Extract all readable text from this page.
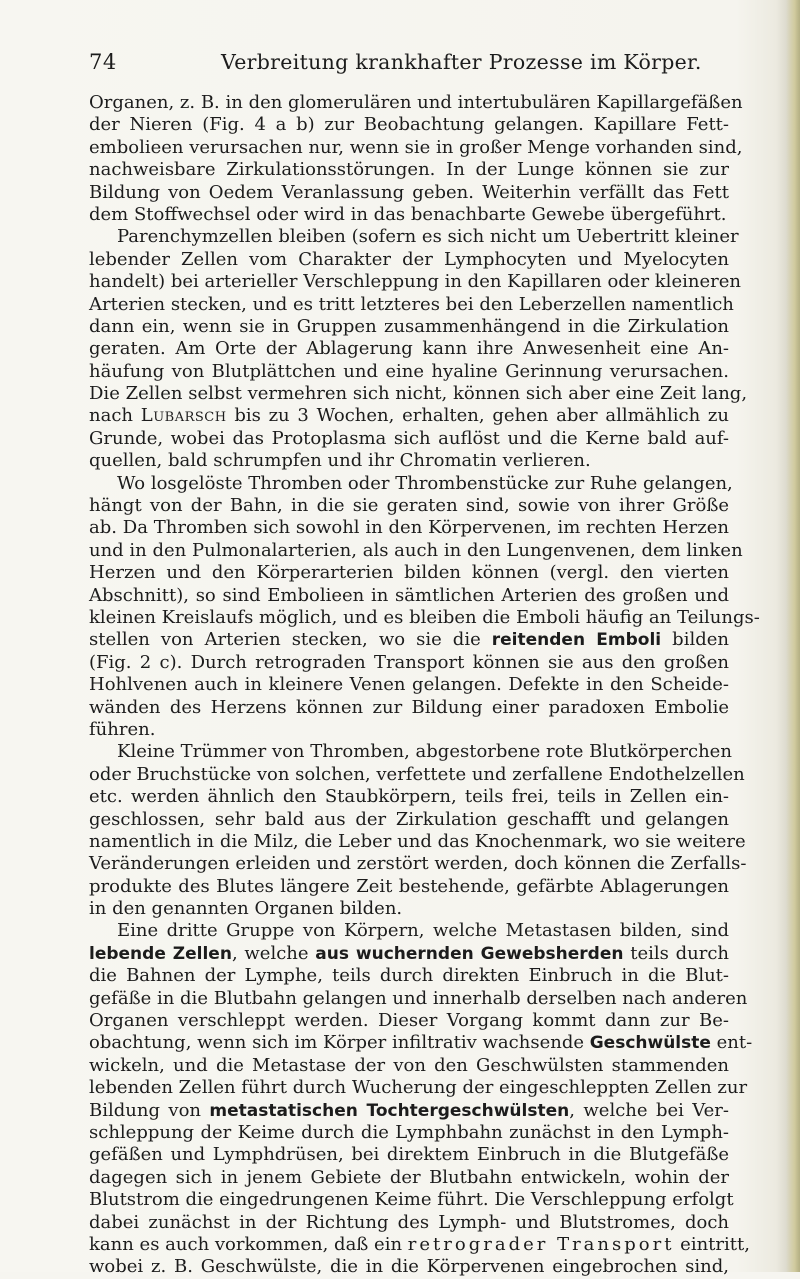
74	Verbreitung krankhafter Prozesse im Körper.
Organen, z. B. in den glomerulären und intertubulären Kapillargefäßen
der Nieren (Fig. 4 a b) zur Beobachtung gelangen. Kapillare Fett-
embolieen verursachen nur, wenn sie in großer Menge vorhanden sind,
nachweisbare Zirkulationsstörungen. In der Lunge können sie zur
Bildung von Oedem Veranlassung geben. Weiterhin verfällt das Fett
dem Stoffwechsel oder wird in das benachbarte Gewebe übergeführt.
Parenchymzellen bleiben (sofern es sich nicht um Uebertritt kleiner
lebender Zellen vom Charakter der Lymphocyten und Myelocyten
handelt) bei arterieller Verschleppung in den Kapillaren oder kleineren
Arterien stecken, und es tritt letzteres bei den Leberzellen namentlich
dann ein, wenn sie in Gruppen zusammenhängend in die Zirkulation
geraten. Am Orte der Ablagerung kann ihre Anwesenheit eine An-
häufung von Blutplättchen und eine hyaline Gerinnung verursachen.
Die Zellen selbst vermehren sich nicht, können sich aber eine Zeit lang,
nach Lubarsch bis zu 3 Wochen, erhalten, gehen aber allmählich zu
Grunde, wobei das Protoplasma sich auflöst und die Kerne bald auf-
quellen, bald schrumpfen und ihr Chromatin verlieren.
Wo losgelöste Thromben oder Thrombenstücke zur Ruhe gelangen,
hängt von der Bahn, in die sie geraten sind, sowie von ihrer Größe
ab. Da Thromben sich sowohl in den Körpervenen, im rechten Herzen
und in den Pulmonalarterien, als auch in den Lungenvenen, dem linken
Herzen und den Körperarterien bilden können (vergl. den vierten
Abschnitt), so sind Embolieen in sämtlichen Arterien des großen und
kleinen Kreislaufs möglich, und es bleiben die Emboli häufig an Teilungs-
stellen von Arterien stecken, wo sie die reitenden Emboli bilden
(Fig. 2 c). Durch retrograden Transport können sie aus den großen
Hohlvenen auch in kleinere Venen gelangen. Defekte in den Scheide-
wänden des Herzens können zur Bildung einer paradoxen Embolie
führen.
Kleine Trümmer von Thromben, abgestorbene rote Blutkörperchen
oder Bruchstücke von solchen, verfettete und zerfallene Endothelzellen
etc. werden ähnlich den Staubkörpern, teils frei, teils in Zellen ein-
geschlossen, sehr bald aus der Zirkulation geschafft und gelangen
namentlich in die Milz, die Leber und das Knochenmark, wo sie weitere
Veränderungen erleiden und zerstört werden, doch können die Zerfalls-
produkte des Blutes längere Zeit bestehende, gefärbte Ablagerungen
in den genannten Organen bilden.
Eine dritte Gruppe von Körpern, welche Metastasen bilden, sind
lebende Zellen, welche aus wuchernden Gewebsherden teils durch
die Bahnen der Lymphe, teils durch direkten Einbruch in die Blut-
gefäße in die Blutbahn gelangen und innerhalb derselben nach anderen
Organen verschleppt werden. Dieser Vorgang kommt dann zur Be-
obachtung, wenn sich im Körper infiltrativ wachsende Geschwülste ent-
wickeln, und die Metastase der von den Geschwülsten stammenden
lebenden Zellen führt durch Wucherung der eingeschleppten Zellen zur
Bildung von metastatischen Tochtergeschwülsten, welche bei Ver-
schleppung der Keime durch die Lymphbahn zunächst in den Lymph-
gefäßen und Lymphdrüsen, bei direktem Einbruch in die Blutgefäße
dagegen sich in jenem Gebiete der Blutbahn entwickeln, wohin der
Blutstrom die eingedrungenen Keime führt. Die Verschleppung erfolgt
dabei zunächst in der Richtung des Lymph- und Blutstromes, doch
kann es auch vorkommen, daß ein retrograder Transport eintritt,
wobei z. B. Geschwülste, die in die Körpervenen eingebrochen sind,
